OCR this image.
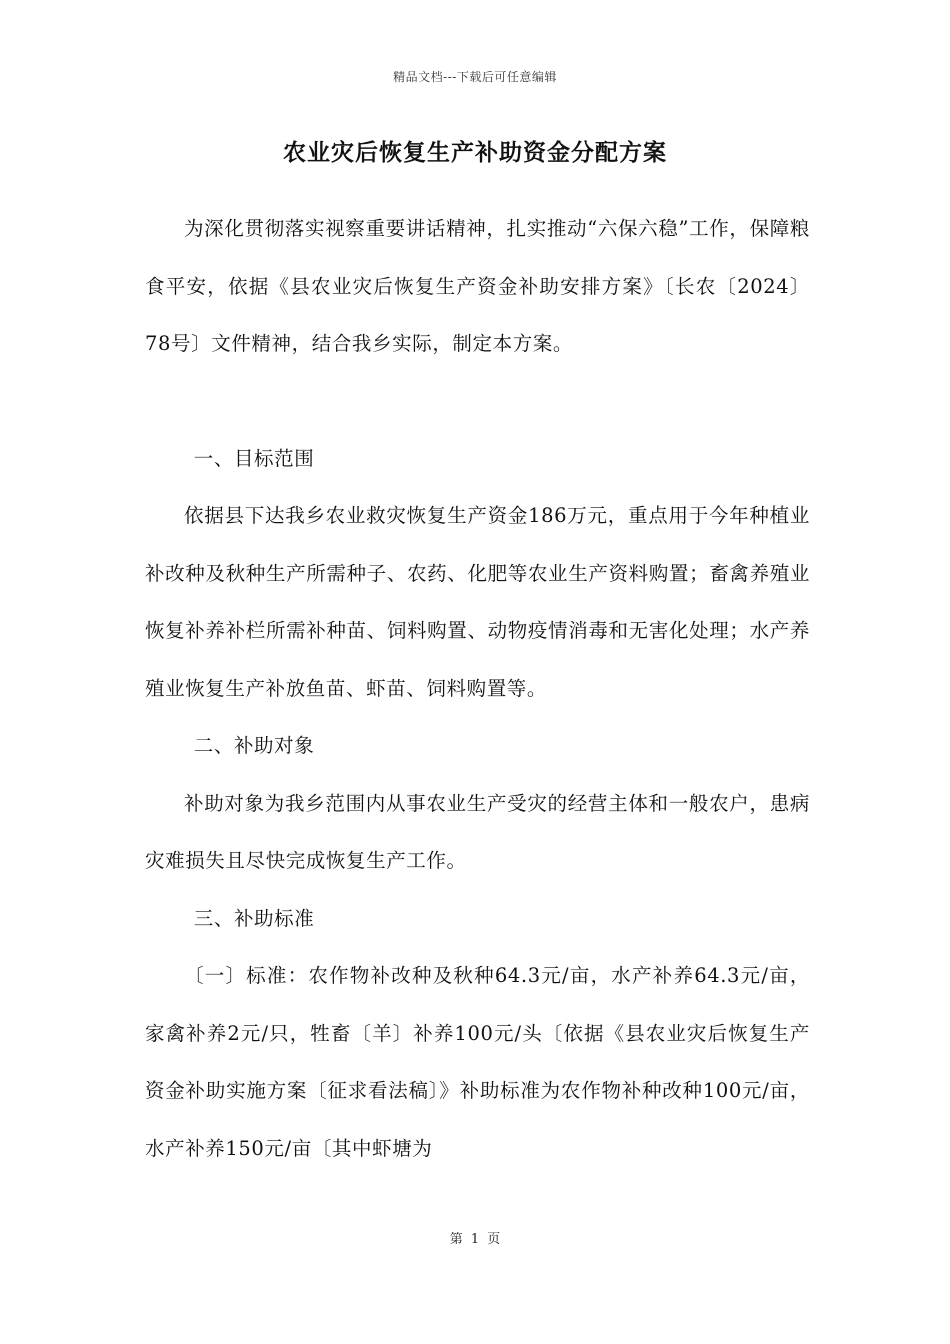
精品文档---下载后可任意编辑
农业灾后恢复生产补助资金分配方案

为深化贯彻落实视察重要讲话精神，扎实推动“六保六稳”工作，保障粮食平安，依据《县农业灾后恢复生产资金补助安排方案》〔长农〔2024〕78号〕文件精神，结合我乡实际，制定本方案。

一、目标范围

依据县下达我乡农业救灾恢复生产资金186万元，重点用于今年种植业补改种及秋种生产所需种子、农药、化肥等农业生产资料购置；畜禽养殖业恢复补养补栏所需补种苗、饲料购置、动物疫情消毒和无害化处理；水产养殖业恢复生产补放鱼苗、虾苗、饲料购置等。

二、补助对象

补助对象为我乡范围内从事农业生产受灾的经营主体和一般农户，患病灾难损失且尽快完成恢复生产工作。

三、补助标准

〔一〕标准：农作物补改种及秋种64.3元/亩，水产补养64.3元/亩，家禽补养2元/只，牲畜〔羊〕补养100元/头〔依据《县农业灾后恢复生产资金补助实施方案〔征求看法稿〕》补助标准为农作物补种改种100元/亩，水产补养150元/亩〔其中虾塘为

第 1 页
